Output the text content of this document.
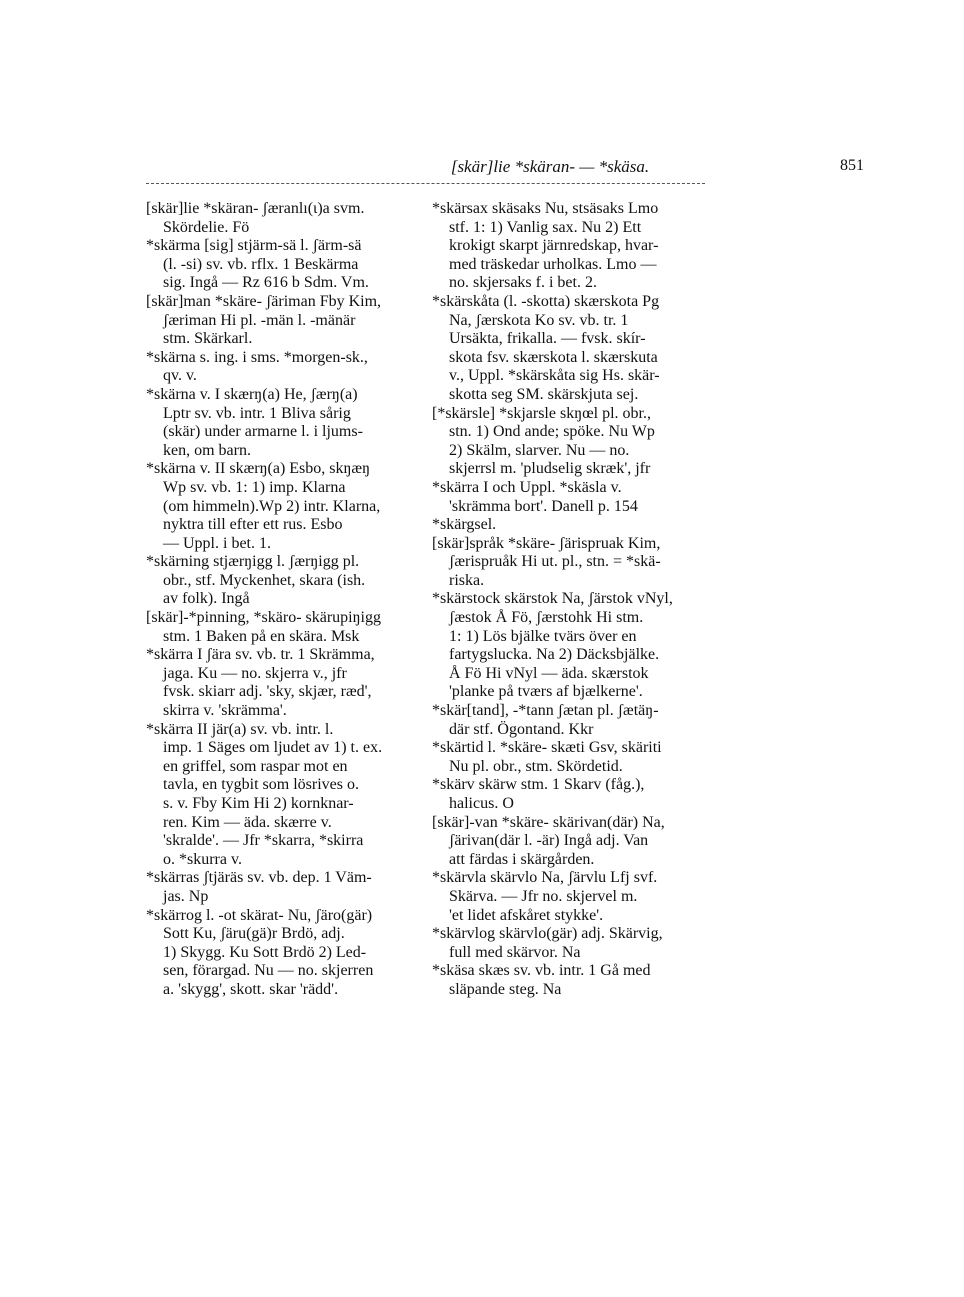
[skär]lie *skäran- — *skäsa.	851
[skär]lie *skäran- ʃæranlı(ɩ)a svm.
Skördelie. Fö
*skärma [sig] stjärm-sä l. ʃärm-sä
(l. -si) sv. vb. rflx. 1 Beskärma
sig. Ingå — Rz 616 b Sdm. Vm.
[skär]man *skäre- ʃäriman Fby Kim,
ʃæriman Hi pl. -män l. -mänär
stm. Skärkarl.
*skärna s. ing. i sms. *morgen-sk.,
qv. v.
*skärna v. I skærŋ(a) He, ʃærŋ(a)
Lptr sv. vb. intr. 1 Bliva sårig
(skär) under armarne l. i ljums-
ken, om barn.
*skärna v. II skærŋ(a) Esbo, skŋæŋ
Wp sv. vb. 1: 1) imp. Klarna
(om himmeln).Wp 2) intr. Klarna,
nyktra till efter ett rus. Esbo
— Uppl. i bet. 1.
*skärning stjærŋigg l. ʃærŋigg pl.
obr., stf. Myckenhet, skara (ish.
av folk). Ingå
[skär]-*pinning, *skäro- skärupiŋigg
stm. 1 Baken på en skära. Msk
*skärra I ʃära sv. vb. tr. 1 Skrämma,
jaga. Ku — no. skjerra v., jfr
fvsk. skiarr adj. 'sky, skjær, ræd',
skirra v. 'skrämma'.
*skärra II jär(a) sv. vb. intr. l.
imp. 1 Säges om ljudet av 1) t. ex.
en griffel, som raspar mot en
tavla, en tygbit som lösrives o.
s. v. Fby Kim Hi 2) kornknar-
ren. Kim — äda. skærre v.
'skralde'. — Jfr *skarra, *skirra
o. *skurra v.
*skärras ʃtjäräs sv. vb. dep. 1 Väm-
jas. Np
*skärrog l. -ot skärat- Nu, ʃäro(gär)
Sott Ku, ʃäru(gä)r Brdö, adj.
1) Skygg. Ku Sott Brdö 2) Led-
sen, förargad. Nu — no. skjerren
a. 'skygg', skott. skar 'rädd'.
*skärsax skäsaks Nu, stsäsaks Lmo
stf. 1: 1) Vanlig sax. Nu 2) Ett
krokigt skarpt järnredskap, hvar-
med träskedar urholkas. Lmo —
no. skjersaks f. i bet. 2.
*skärskåta (l. -skotta) skærskota Pg
Na, ʃærskota Ko sv. vb. tr. 1
Ursäkta, frikalla. — fvsk. skír-
skota fsv. skærskota l. skærskuta
v., Uppl. *skärskåta sig Hs. skär-
skotta seg SM. skärskjuta sej.
[*skärsle] *skjarsle skŋœl pl. obr.,
stn. 1) Ond ande; spöke. Nu Wp
2) Skälm, slarver. Nu — no.
skjerrsl m. 'pludselig skræk', jfr
*skärra I och Uppl. *skäsla v.
'skrämma bort'. Danell p. 154
*skärgsel.
[skär]språk *skäre- ʃärispruak Kim,
ʃærispruåk Hi ut. pl., stn. = *skä-
riska.
*skärstock skärstok Na, ʃärstok vNyl,
ʃæstok Å Fö, ʃærstohk Hi stm.
1: 1) Lös bjälke tvärs över en
fartygslucka. Na 2) Däcksbjälke.
Å Fö Hi vNyl — äda. skærstok
'planke på tværs af bjælkerne'.
*skär[tand], -*tann ʃætan pl. ʃætäŋ-
där stf. Ögontand. Kkr
*skärtid l. *skäre- skæti Gsv, skäriti
Nu pl. obr., stm. Skördetid.
*skärv skärw stm. 1 Skarv (fåg.),
halicus. O
[skär]-van *skäre- skärivan(där) Na,
ʃärivan(där l. -är) Ingå adj. Van
att färdas i skärgården.
*skärvla skärvlo Na, ʃärvlu Lfj svf.
Skärva. — Jfr no. skjervel m.
'et lidet afskåret stykke'.
*skärvlog skärvlo(gär) adj. Skärvig,
full med skärvor. Na
*skäsa skæs sv. vb. intr. 1 Gå med
släpande steg. Na
